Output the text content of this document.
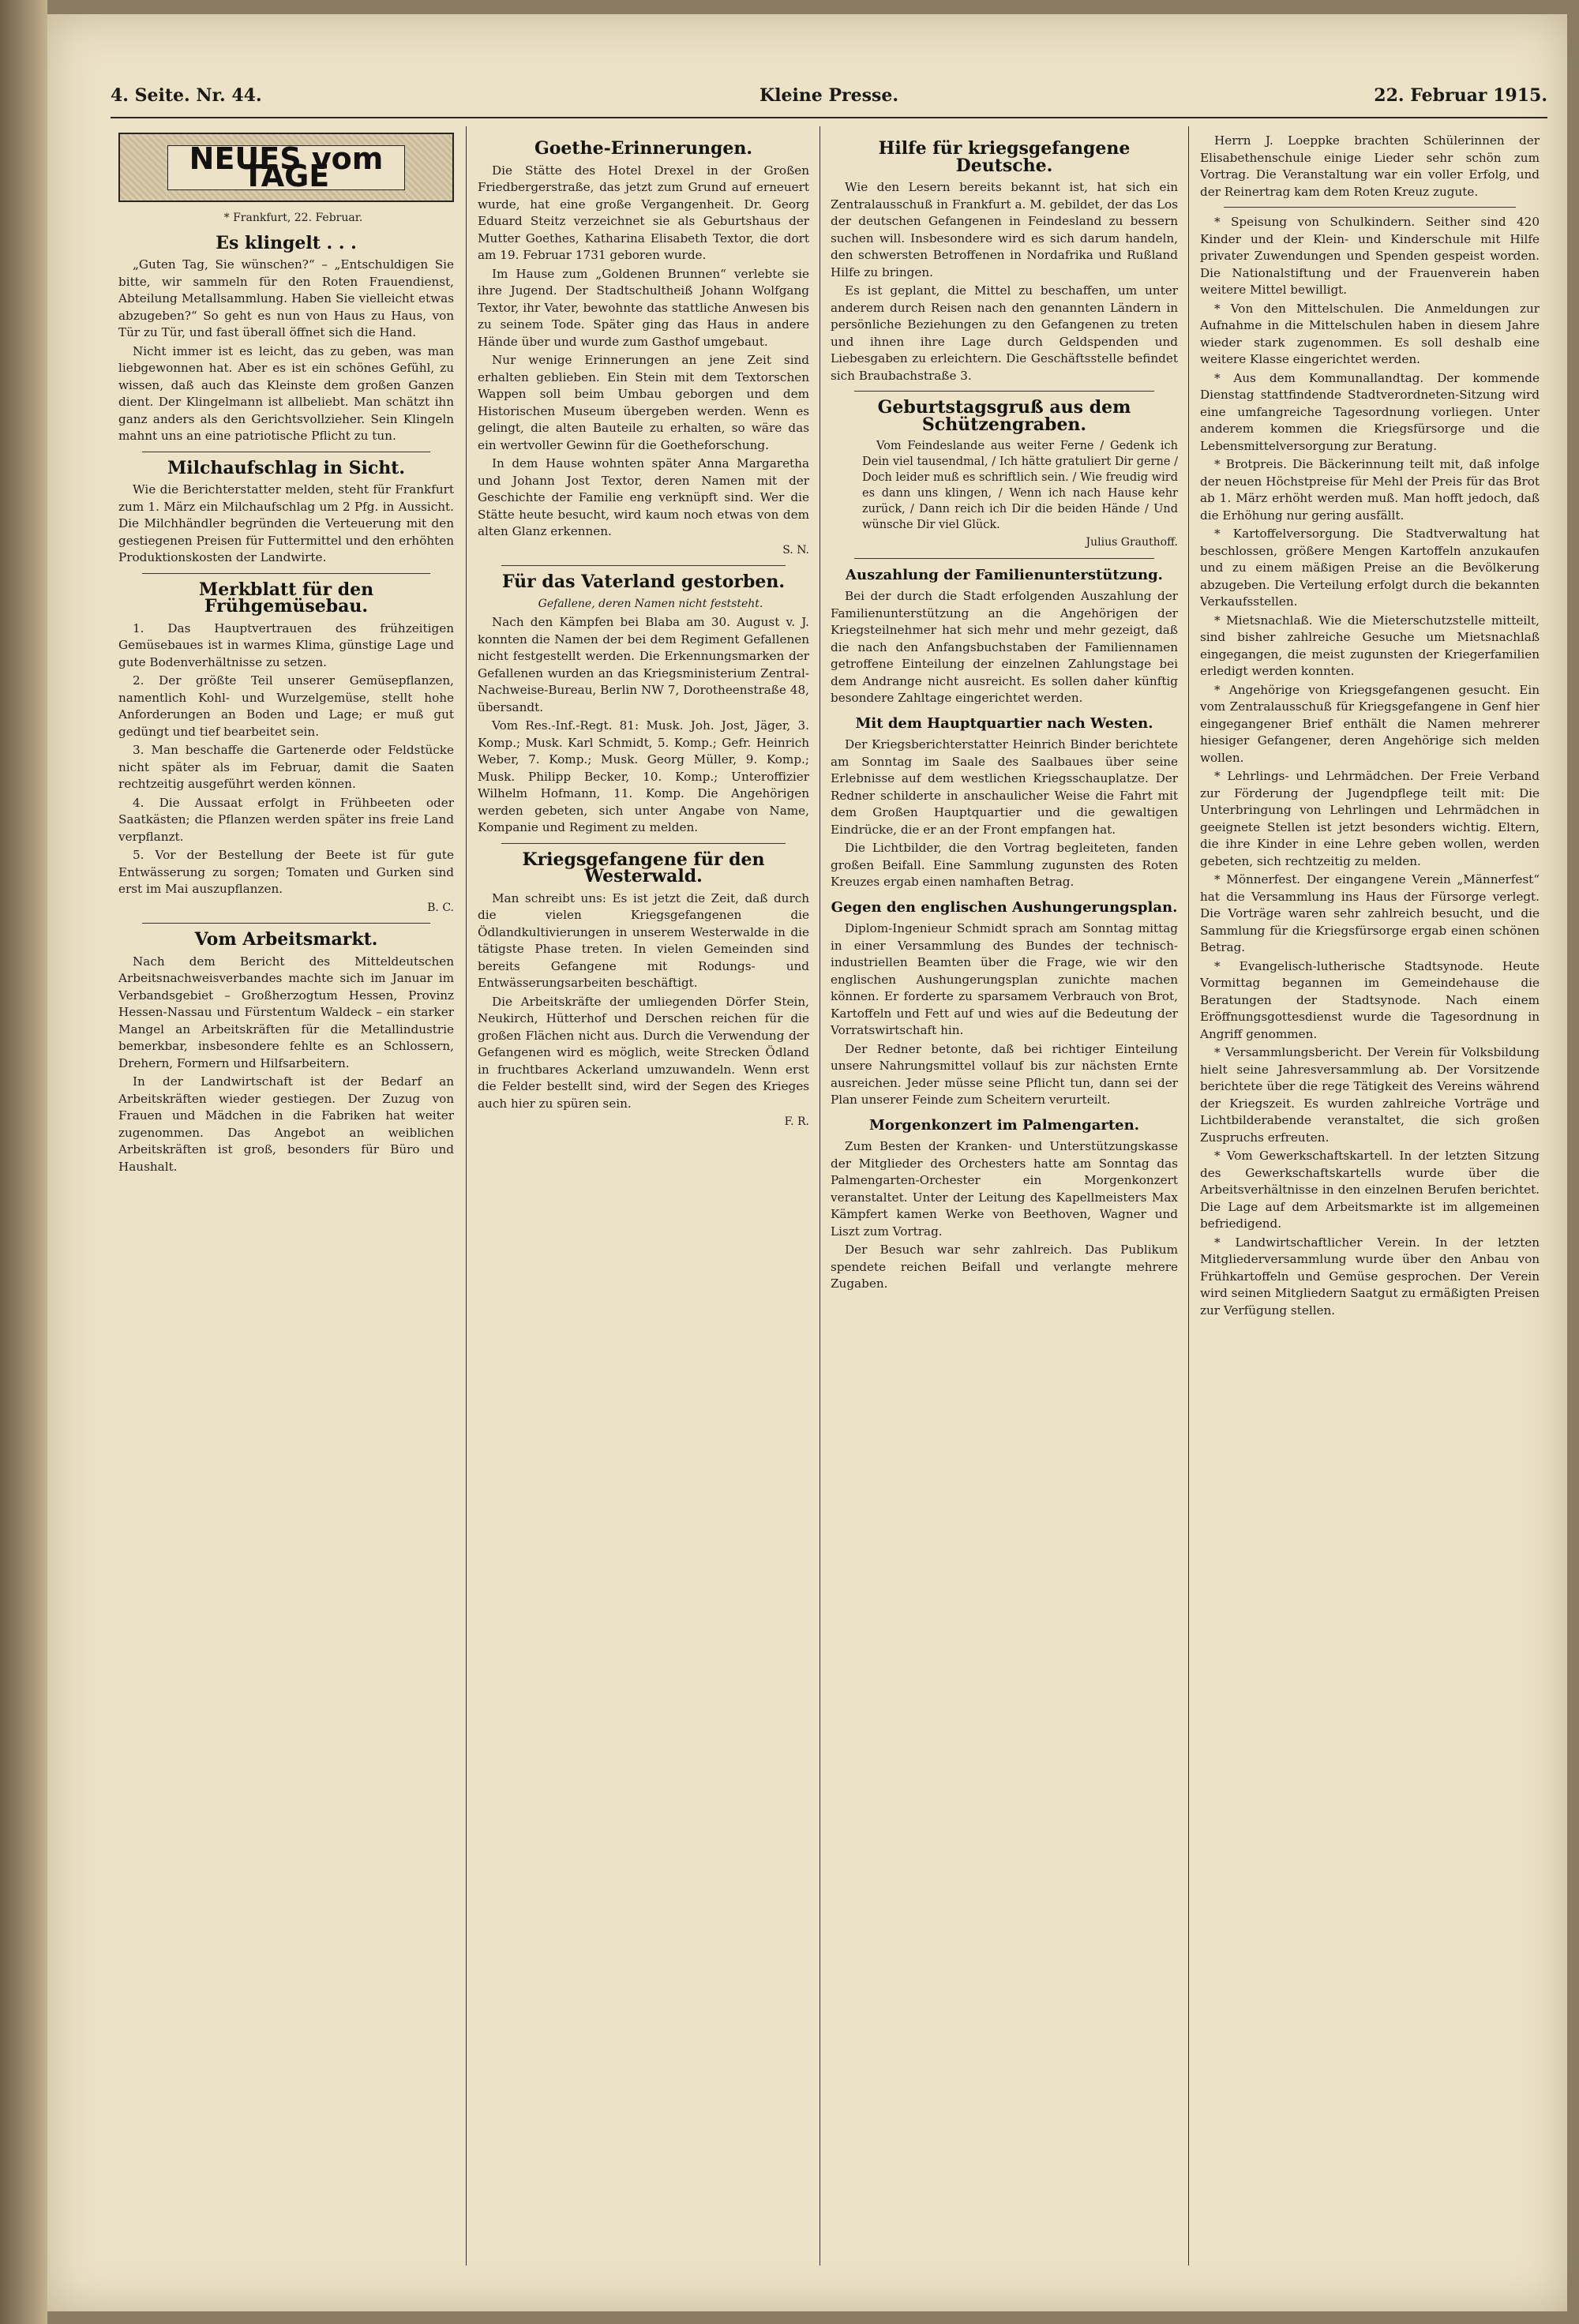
4. Seite. Nr. 44.	Kleine Presse.	22. Februar 1915.
NEUES vom TAGE

* Frankfurt, 22. Februar.

Es klingelt . . .

„Guten Tag, Sie wünschen?“ – „Entschuldigen Sie bitte, wir sammeln für den Roten Frauendienst, Abteilung Metallsammlung. Haben Sie vielleicht etwas abzugeben?“ So geht es nun von Haus zu Haus, von Tür zu Tür, und fast überall öffnet sich die Hand.

Nicht immer ist es leicht, das zu geben, was man liebgewonnen hat. Aber es ist ein schönes Gefühl, zu wissen, daß auch das Kleinste dem großen Ganzen dient. Der Klingelmann ist allbeliebt. Man schätzt ihn ganz anders als den Gerichtsvollzieher. Sein Klingeln mahnt uns an eine patriotische Pflicht zu tun.

Milchaufschlag in Sicht.

Wie die Berichterstatter melden, steht für Frankfurt zum 1. März ein Milchaufschlag um 2 Pfg. in Aussicht. Die Milchhändler begründen die Verteuerung mit den gestiegenen Preisen für Futtermittel und den erhöhten Produktionskosten der Landwirte.

Merkblatt für den Frühgemüsebau.

1. Das Hauptvertrauen des frühzeitigen Gemüsebaues ist in warmes Klima, günstige Lage und gute Bodenverhältnisse zu setzen.

2. Der größte Teil unserer Gemüsepflanzen, namentlich Kohl- und Wurzelgemüse, stellt hohe Anforderungen an Boden und Lage; er muß gut gedüngt und tief bearbeitet sein.

3. Man beschaffe die Gartenerde oder Feldstücke nicht später als im Februar, damit die Saaten rechtzeitig ausgeführt werden können.

4. Die Aussaat erfolgt in Frühbeeten oder Saatkästen; die Pflanzen werden später ins freie Land verpflanzt.

5. Vor der Bestellung der Beete ist für gute Entwässerung zu sorgen; Tomaten und Gurken sind erst im Mai auszupflanzen.

B. C.

Vom Arbeitsmarkt.

Nach dem Bericht des Mitteldeutschen Arbeitsnachweisverbandes machte sich im Januar im Verbandsgebiet – Großherzogtum Hessen, Provinz Hessen-Nassau und Fürstentum Waldeck – ein starker Mangel an Arbeitskräften für die Metallindustrie bemerkbar, insbesondere fehlte es an Schlossern, Drehern, Formern und Hilfsarbeitern.

In der Landwirtschaft ist der Bedarf an Arbeitskräften wieder gestiegen. Der Zuzug von Frauen und Mädchen in die Fabriken hat weiter zugenommen. Das Angebot an weiblichen Arbeitskräften ist groß, besonders für Büro und Haushalt.

Goethe-Erinnerungen.

Die Stätte des Hotel Drexel in der Großen Friedbergerstraße, das jetzt zum Grund auf erneuert wurde, hat eine große Vergangenheit. Dr. Georg Eduard Steitz verzeichnet sie als Geburtshaus der Mutter Goethes, Katharina Elisabeth Textor, die dort am 19. Februar 1731 geboren wurde.

Im Hause zum „Goldenen Brunnen“ verlebte sie ihre Jugend. Der Stadtschultheiß Johann Wolfgang Textor, ihr Vater, bewohnte das stattliche Anwesen bis zu seinem Tode. Später ging das Haus in andere Hände über und wurde zum Gasthof umgebaut.

Nur wenige Erinnerungen an jene Zeit sind erhalten geblieben. Ein Stein mit dem Textorschen Wappen soll beim Umbau geborgen und dem Historischen Museum übergeben werden. Wenn es gelingt, die alten Bauteile zu erhalten, so wäre das ein wertvoller Gewinn für die Goetheforschung.

In dem Hause wohnten später Anna Margaretha und Johann Jost Textor, deren Namen mit der Geschichte der Familie eng verknüpft sind. Wer die Stätte heute besucht, wird kaum noch etwas von dem alten Glanz erkennen.

S. N.

Für das Vaterland gestorben.

Gefallene, deren Namen nicht feststeht.

Nach den Kämpfen bei Blaba am 30. August v. J. konnten die Namen der bei dem Regiment Gefallenen nicht festgestellt werden. Die Erkennungsmarken der Gefallenen wurden an das Kriegsministerium Zentral-Nachweise-Bureau, Berlin NW 7, Dorotheenstraße 48, übersandt.

Vom Res.-Inf.-Regt. 81: Musk. Joh. Jost, Jäger, 3. Komp.; Musk. Karl Schmidt, 5. Komp.; Gefr. Heinrich Weber, 7. Komp.; Musk. Georg Müller, 9. Komp.; Musk. Philipp Becker, 10. Komp.; Unteroffizier Wilhelm Hofmann, 11. Komp. Die Angehörigen werden gebeten, sich unter Angabe von Name, Kompanie und Regiment zu melden.

Kriegsgefangene für den Westerwald.

Man schreibt uns: Es ist jetzt die Zeit, daß durch die vielen Kriegsgefangenen die Ödlandkultivierungen in unserem Westerwalde in die tätigste Phase treten. In vielen Gemeinden sind bereits Gefangene mit Rodungs- und Entwässerungsarbeiten beschäftigt.

Die Arbeitskräfte der umliegenden Dörfer Stein, Neukirch, Hütterhof und Derschen reichen für die großen Flächen nicht aus. Durch die Verwendung der Gefangenen wird es möglich, weite Strecken Ödland in fruchtbares Ackerland umzuwandeln. Wenn erst die Felder bestellt sind, wird der Segen des Krieges auch hier zu spüren sein.

F. R.

Hilfe für kriegsgefangene Deutsche.

Wie den Lesern bereits bekannt ist, hat sich ein Zentralausschuß in Frankfurt a. M. gebildet, der das Los der deutschen Gefangenen in Feindesland zu bessern suchen will. Insbesondere wird es sich darum handeln, den schwersten Betroffenen in Nordafrika und Rußland Hilfe zu bringen.

Es ist geplant, die Mittel zu beschaffen, um unter anderem durch Reisen nach den genannten Ländern in persönliche Beziehungen zu den Gefangenen zu treten und ihnen ihre Lage durch Geldspenden und Liebesgaben zu erleichtern. Die Geschäftsstelle befindet sich Braubachstraße 3.

Geburtstagsgruß aus dem Schützengraben.

Vom Feindeslande aus weiter Ferne / Gedenk ich Dein viel tausendmal, / Ich hätte gratuliert Dir gerne / Doch leider muß es schriftlich sein. / Wie freudig wird es dann uns klingen, / Wenn ich nach Hause kehr zurück, / Dann reich ich Dir die beiden Hände / Und wünsche Dir viel Glück.

Julius Grauthoff.

Auszahlung der Familienunterstützung.

Bei der durch die Stadt erfolgenden Auszahlung der Familienunterstützung an die Angehörigen der Kriegsteilnehmer hat sich mehr und mehr gezeigt, daß die nach den Anfangsbuchstaben der Familiennamen getroffene Einteilung der einzelnen Zahlungstage bei dem Andrange nicht ausreicht. Es sollen daher künftig besondere Zahltage eingerichtet werden.

Mit dem Hauptquartier nach Westen.

Der Kriegsberichterstatter Heinrich Binder berichtete am Sonntag im Saale des Saalbaues über seine Erlebnisse auf dem westlichen Kriegsschauplatze. Der Redner schilderte in anschaulicher Weise die Fahrt mit dem Großen Hauptquartier und die gewaltigen Eindrücke, die er an der Front empfangen hat.

Die Lichtbilder, die den Vortrag begleiteten, fanden großen Beifall. Eine Sammlung zugunsten des Roten Kreuzes ergab einen namhaften Betrag.

Gegen den englischen Aushungerungsplan.

Diplom-Ingenieur Schmidt sprach am Sonntag mittag in einer Versammlung des Bundes der technisch-industriellen Beamten über die Frage, wie wir den englischen Aushungerungsplan zunichte machen können. Er forderte zu sparsamem Verbrauch von Brot, Kartoffeln und Fett auf und wies auf die Bedeutung der Vorratswirtschaft hin.

Der Redner betonte, daß bei richtiger Einteilung unsere Nahrungsmittel vollauf bis zur nächsten Ernte ausreichen. Jeder müsse seine Pflicht tun, dann sei der Plan unserer Feinde zum Scheitern verurteilt.

Morgenkonzert im Palmengarten.

Zum Besten der Kranken- und Unterstützungskasse der Mitglieder des Orchesters hatte am Sonntag das Palmengarten-Orchester ein Morgenkonzert veranstaltet. Unter der Leitung des Kapellmeisters Max Kämpfert kamen Werke von Beethoven, Wagner und Liszt zum Vortrag.

Der Besuch war sehr zahlreich. Das Publikum spendete reichen Beifall und verlangte mehrere Zugaben.

Herrn J. Loeppke brachten Schülerinnen der Elisabethenschule einige Lieder sehr schön zum Vortrag. Die Veranstaltung war ein voller Erfolg, und der Reinertrag kam dem Roten Kreuz zugute.

* Speisung von Schulkindern. Seither sind 420 Kinder und der Klein- und Kinderschule mit Hilfe privater Zuwendungen und Spenden gespeist worden. Die Nationalstiftung und der Frauenverein haben weitere Mittel bewilligt.

* Von den Mittelschulen. Die Anmeldungen zur Aufnahme in die Mittelschulen haben in diesem Jahre wieder stark zugenommen. Es soll deshalb eine weitere Klasse eingerichtet werden.

* Aus dem Kommunallandtag. Der kommende Dienstag stattfindende Stadtverordneten-Sitzung wird eine umfangreiche Tagesordnung vorliegen. Unter anderem kommen die Kriegsfürsorge und die Lebensmittelversorgung zur Beratung.

* Brotpreis. Die Bäckerinnung teilt mit, daß infolge der neuen Höchstpreise für Mehl der Preis für das Brot ab 1. März erhöht werden muß. Man hofft jedoch, daß die Erhöhung nur gering ausfällt.

* Kartoffelversorgung. Die Stadtverwaltung hat beschlossen, größere Mengen Kartoffeln anzukaufen und zu einem mäßigen Preise an die Bevölkerung abzugeben. Die Verteilung erfolgt durch die bekannten Verkaufsstellen.

* Mietsnachlaß. Wie die Mieterschutzstelle mitteilt, sind bisher zahlreiche Gesuche um Mietsnachlaß eingegangen, die meist zugunsten der Kriegerfamilien erledigt werden konnten.

* Angehörige von Kriegsgefangenen gesucht. Ein vom Zentralausschuß für Kriegsgefangene in Genf hier eingegangener Brief enthält die Namen mehrerer hiesiger Gefangener, deren Angehörige sich melden wollen.

* Lehrlings- und Lehrmädchen. Der Freie Verband zur Förderung der Jugendpflege teilt mit: Die Unterbringung von Lehrlingen und Lehrmädchen in geeignete Stellen ist jetzt besonders wichtig. Eltern, die ihre Kinder in eine Lehre geben wollen, werden gebeten, sich rechtzeitig zu melden.

* Mönnerfest. Der eingangene Verein „Männerfest“ hat die Versammlung ins Haus der Fürsorge verlegt. Die Vorträge waren sehr zahlreich besucht, und die Sammlung für die Kriegsfürsorge ergab einen schönen Betrag.

* Evangelisch-lutherische Stadtsynode. Heute Vormittag begannen im Gemeindehause die Beratungen der Stadtsynode. Nach einem Eröffnungsgottesdienst wurde die Tagesordnung in Angriff genommen.

* Versammlungsbericht. Der Verein für Volksbildung hielt seine Jahresversammlung ab. Der Vorsitzende berichtete über die rege Tätigkeit des Vereins während der Kriegszeit. Es wurden zahlreiche Vorträge und Lichtbilderabende veranstaltet, die sich großen Zuspruchs erfreuten.

* Vom Gewerkschaftskartell. In der letzten Sitzung des Gewerkschaftskartells wurde über die Arbeitsverhältnisse in den einzelnen Berufen berichtet. Die Lage auf dem Arbeitsmarkte ist im allgemeinen befriedigend.

* Landwirtschaftlicher Verein. In der letzten Mitgliederversammlung wurde über den Anbau von Frühkartoffeln und Gemüse gesprochen. Der Verein wird seinen Mitgliedern Saatgut zu ermäßigten Preisen zur Verfügung stellen.
